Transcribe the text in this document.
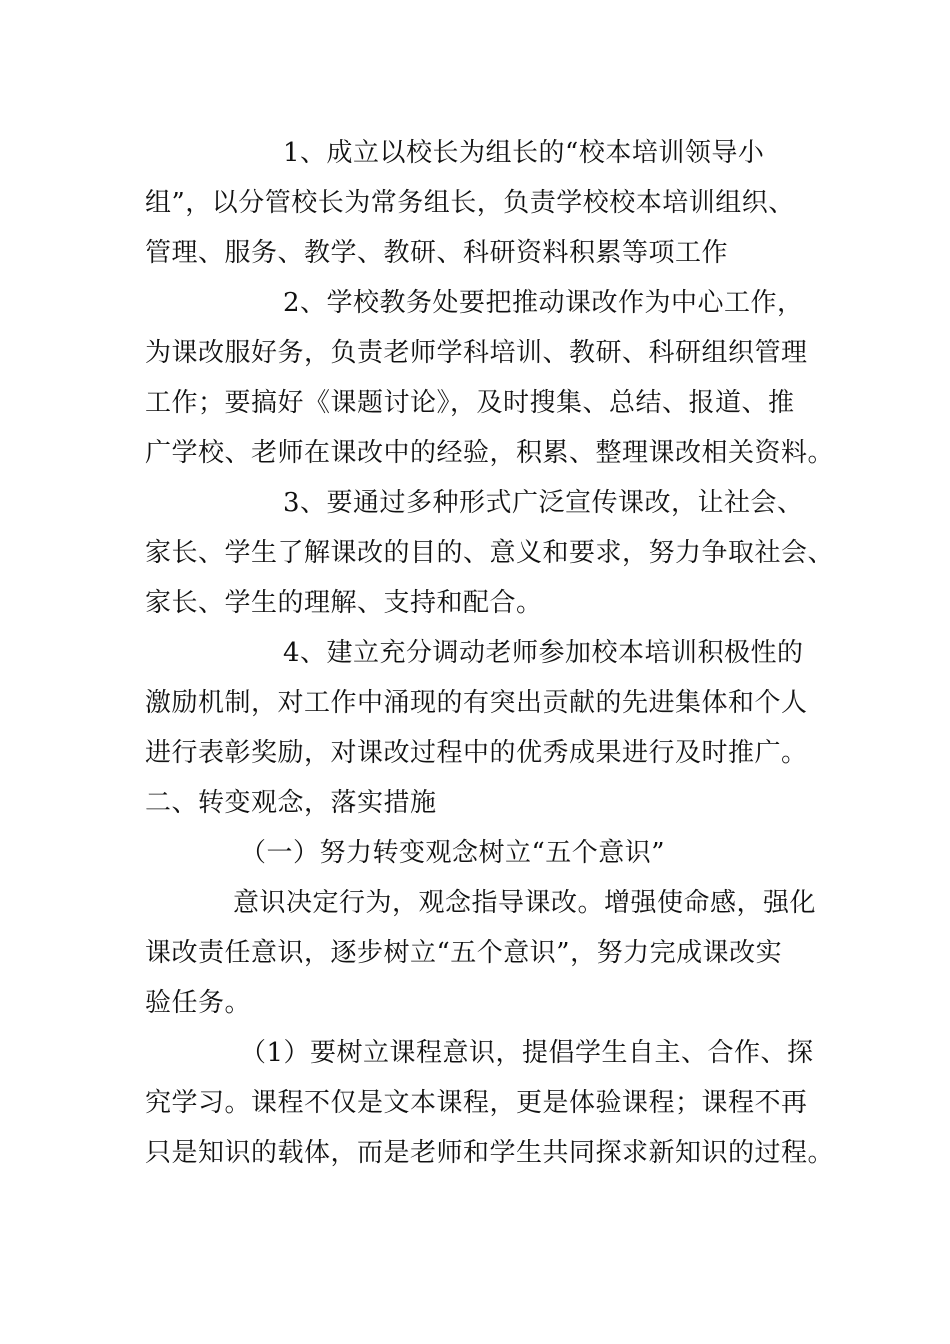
1、成立以校长为组长的“校本培训领导小
组”，以分管校长为常务组长，负责学校校本培训组织、
管理、服务、教学、教研、科研资料积累等项工作
2、学校教务处要把推动课改作为中心工作，
为课改服好务，负责老师学科培训、教研、科研组织管理
工作；要搞好《课题讨论》，及时搜集、总结、报道、推
广学校、老师在课改中的经验，积累、整理课改相关资料。
3、要通过多种形式广泛宣传课改，让社会、
家长、学生了解课改的目的、意义和要求，努力争取社会、
家长、学生的理解、支持和配合。
4、建立充分调动老师参加校本培训积极性的
激励机制，对工作中涌现的有突出贡献的先进集体和个人
进行表彰奖励，对课改过程中的优秀成果进行及时推广。
二、转变观念，落实措施
（一）努力转变观念树立“五个意识”
意识决定行为，观念指导课改。增强使命感，强化
课改责任意识，逐步树立“五个意识”，努力完成课改实
验任务。
（1）要树立课程意识，提倡学生自主、合作、探
究学习。课程不仅是文本课程，更是体验课程；课程不再
只是知识的载体，而是老师和学生共同探求新知识的过程。
